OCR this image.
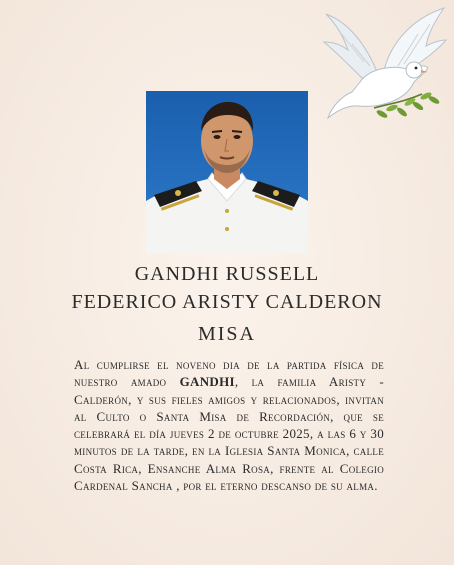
GANDHI RUSSELL
FEDERICO ARISTY CALDERON
MISA
Al cumplirse el noveno dia de la partida física de nuestro amado GANDHI, la familia Aristy - Calderón, y sus fieles amigos y relacionados, invitan al Culto o Santa Misa de Recordación, que se celebrará el día jueves 2 de octubre 2025, a las 6 y 30 minutos de la tarde, en la Iglesia Santa Monica, calle Costa Rica, Ensanche Alma Rosa, frente al Colegio Cardenal Sancha , por el eterno descanso de su alma.
